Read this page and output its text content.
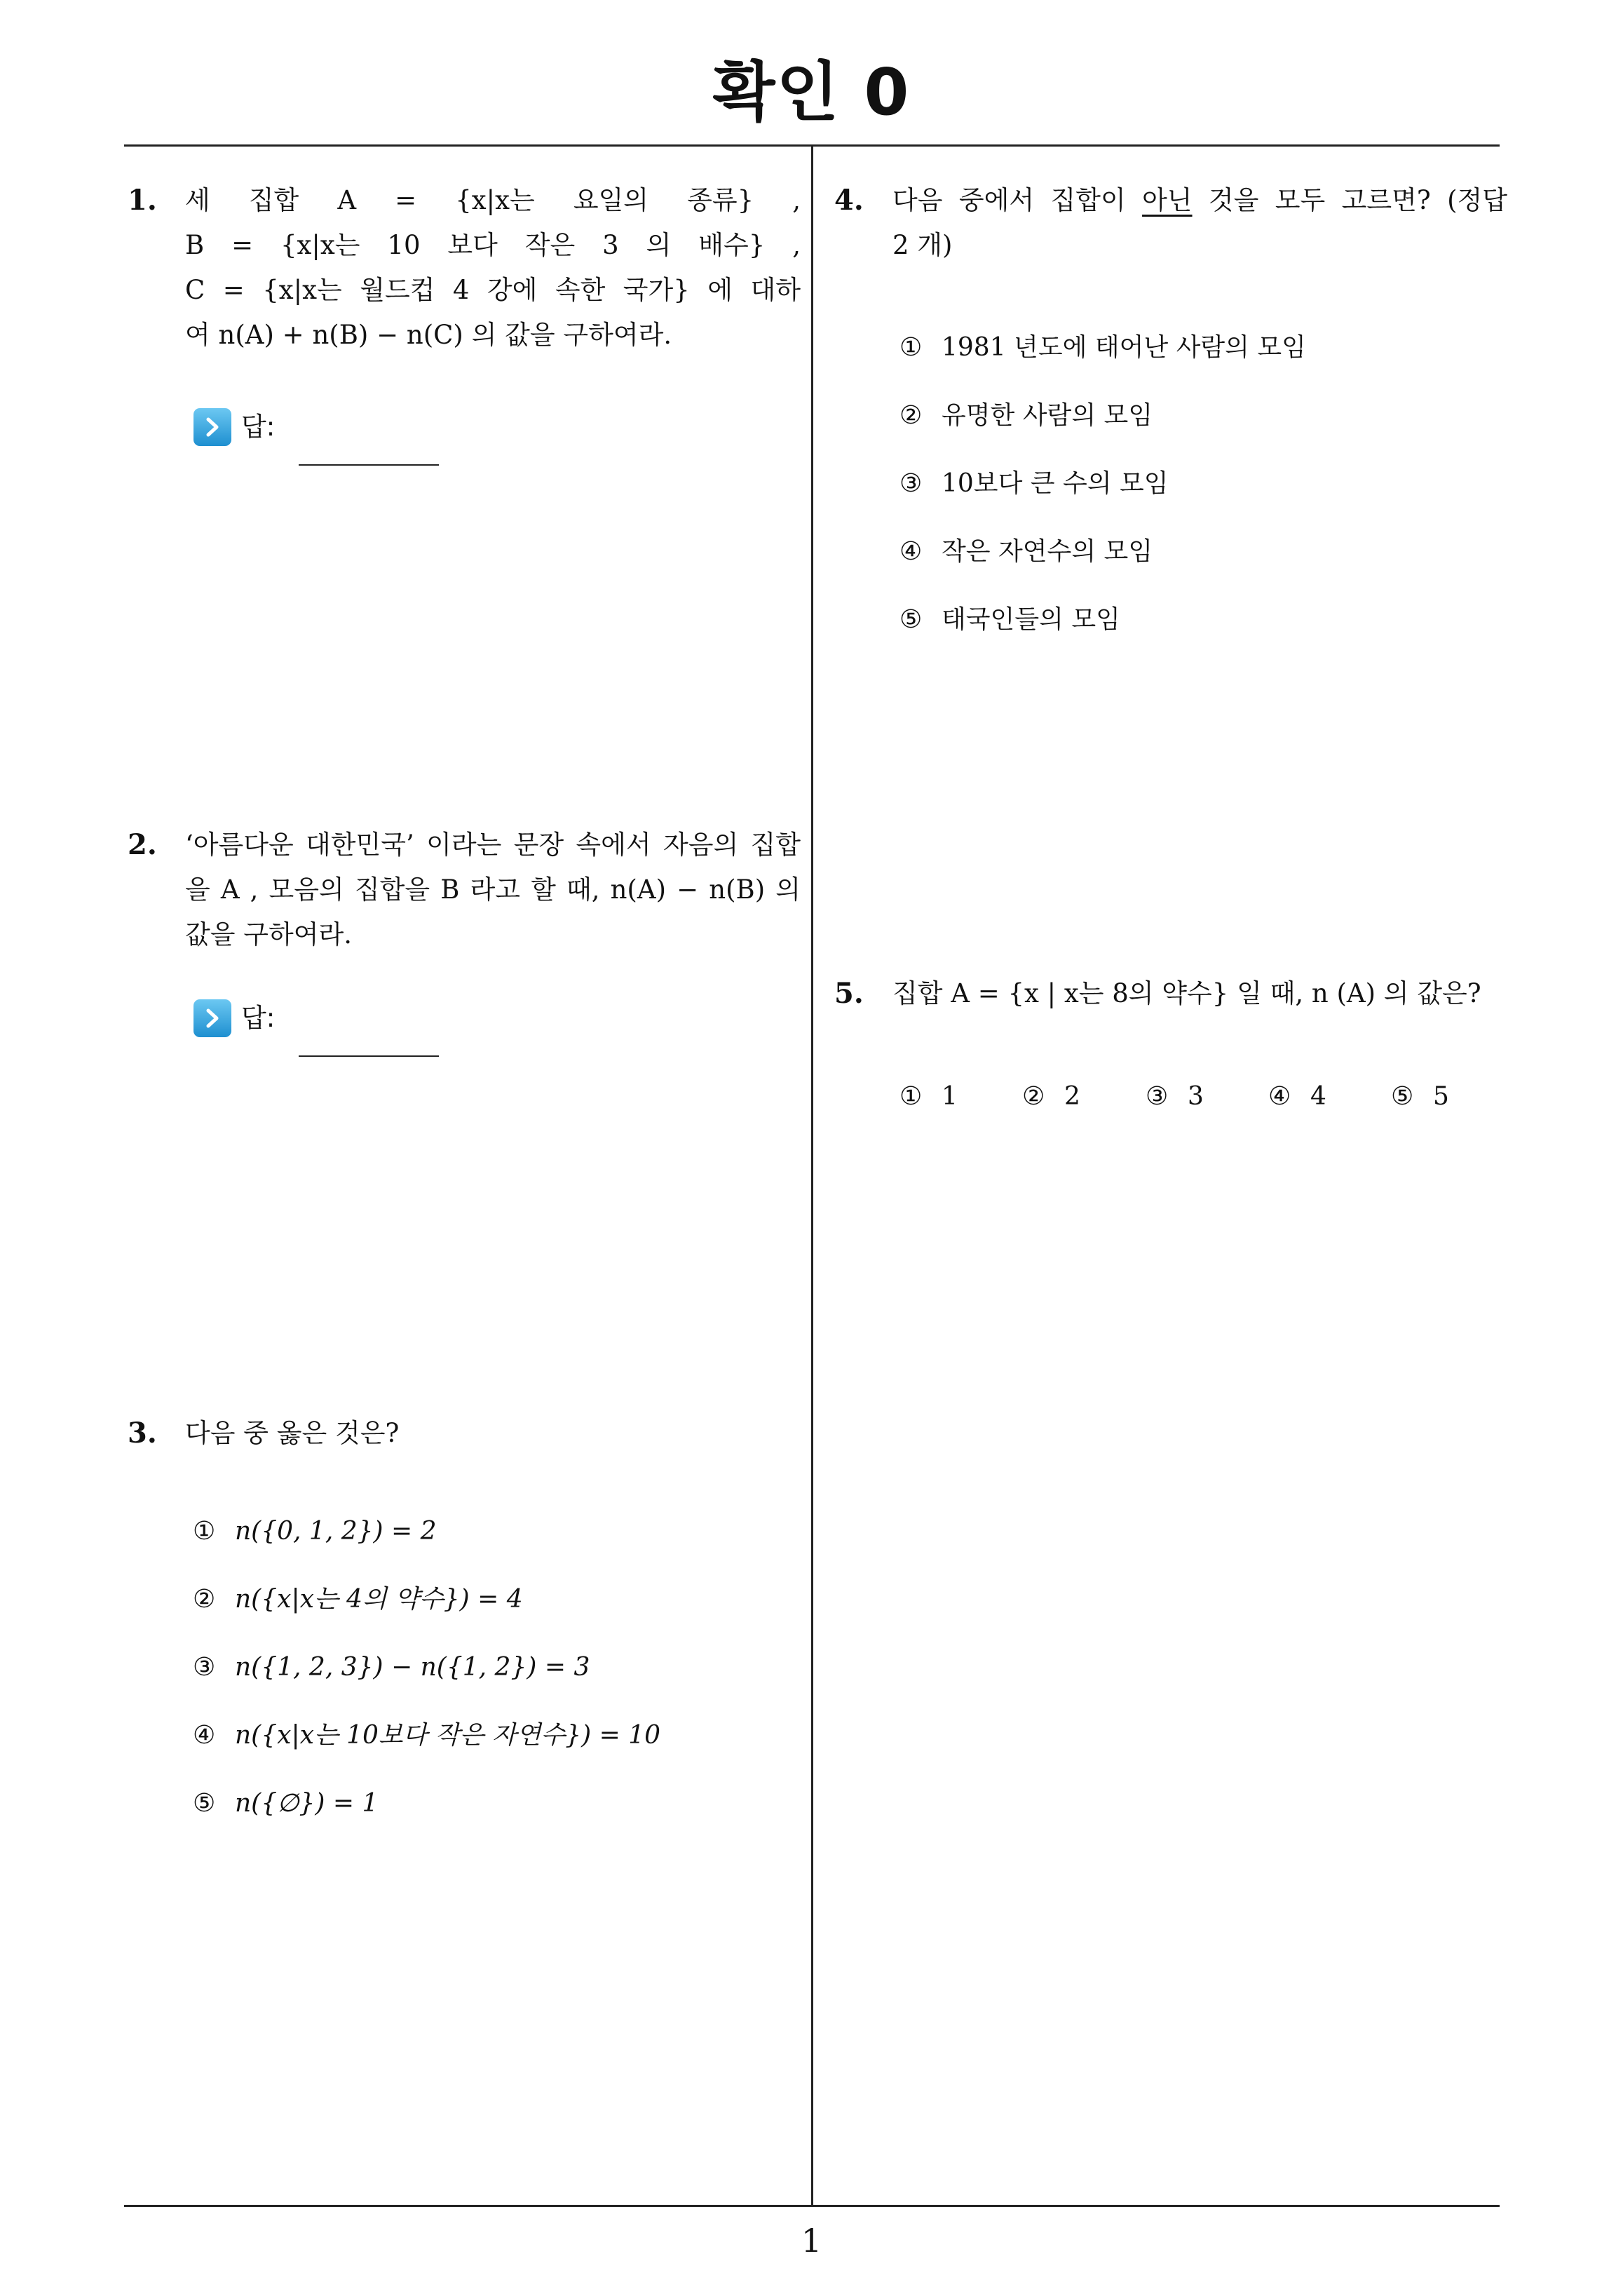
확인 0
1. 세 집합 A = {x|x는 요일의 종류} ,
B = {x|x는 10 보다 작은 3 의 배수} ,
C = {x|x는 월드컵 4 강에 속한 국가} 에 대하
여 n(A) + n(B) − n(C) 의 값을 구하여라.
답:
2. ‘아름다운 대한민국’ 이라는 문장 속에서 자음의 집합
을 A , 모음의 집합을 B 라고 할 때, n(A) − n(B) 의
값을 구하여라.
답:
3. 다음 중 옳은 것은?
① n({0, 1, 2}) = 2
② n({x|x는 4의 약수}) = 4
③ n({1, 2, 3}) − n({1, 2}) = 3
④ n({x|x는 10보다 작은 자연수}) = 10
⑤ n({∅}) = 1
4. 다음 중에서 집합이 아닌 것을 모두 고르면? (정답
2 개)
① 1981 년도에 태어난 사람의 모임
② 유명한 사람의 모임
③ 10보다 큰 수의 모임
④ 작은 자연수의 모임
⑤ 태국인들의 모임
5. 집합 A = {x | x는 8의 약수} 일 때, n (A) 의 값은?
① 1	② 2	③ 3	④ 4	⑤ 5
1
